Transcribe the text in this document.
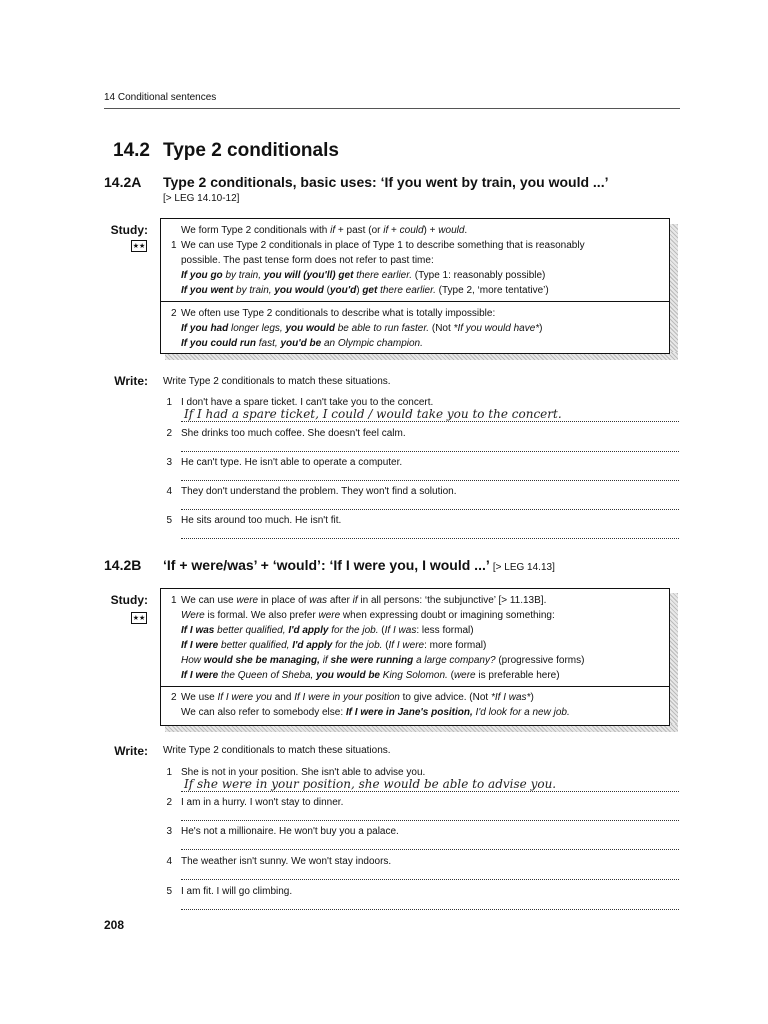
14 Conditional sentences
14.2 Type 2 conditionals
14.2A Type 2 conditionals, basic uses: ‘If you went by train, you would ...’
[> LEG 14.10-12]
Study:
★★
We form Type 2 conditionals with if + past (or if + could) + would.
1 We can use Type 2 conditionals in place of Type 1 to describe something that is reasonably
possible. The past tense form does not refer to past time:
If you go by train, you will (you'll) get there earlier. (Type 1: reasonably possible)
If you went by train, you would (you'd) get there earlier. (Type 2, ‘more tentative’)
2 We often use Type 2 conditionals to describe what is totally impossible:
If you had longer legs, you would be able to run faster. (Not *If you would have*)
If you could run fast, you'd be an Olympic champion.
Write: Write Type 2 conditionals to match these situations.
1 I don't have a spare ticket. I can't take you to the concert.
If I had a spare ticket, I could / would take you to the concert.
2 She drinks too much coffee. She doesn't feel calm.
3 He can't type. He isn't able to operate a computer.
4 They don't understand the problem. They won't find a solution.
5 He sits around too much. He isn't fit.
14.2B ‘If + were/was’ + ‘would’: ‘If I were you, I would ...’ [> LEG 14.13]
Study:
★★
1 We can use were in place of was after if in all persons: ‘the subjunctive’ [> 11.13B].
Were is formal. We also prefer were when expressing doubt or imagining something:
If I was better qualified, I'd apply for the job. (If I was: less formal)
If I were better qualified, I'd apply for the job. (If I were: more formal)
How would she be managing, if she were running a large company? (progressive forms)
If I were the Queen of Sheba, you would be King Solomon. (were is preferable here)
2 We use If I were you and If I were in your position to give advice. (Not *If I was*)
We can also refer to somebody else: If I were in Jane's position, I'd look for a new job.
Write: Write Type 2 conditionals to match these situations.
1 She is not in your position. She isn't able to advise you.
If she were in your position, she would be able to advise you.
2 I am in a hurry. I won't stay to dinner.
3 He's not a millionaire. He won't buy you a palace.
4 The weather isn't sunny. We won't stay indoors.
5 I am fit. I will go climbing.
208
